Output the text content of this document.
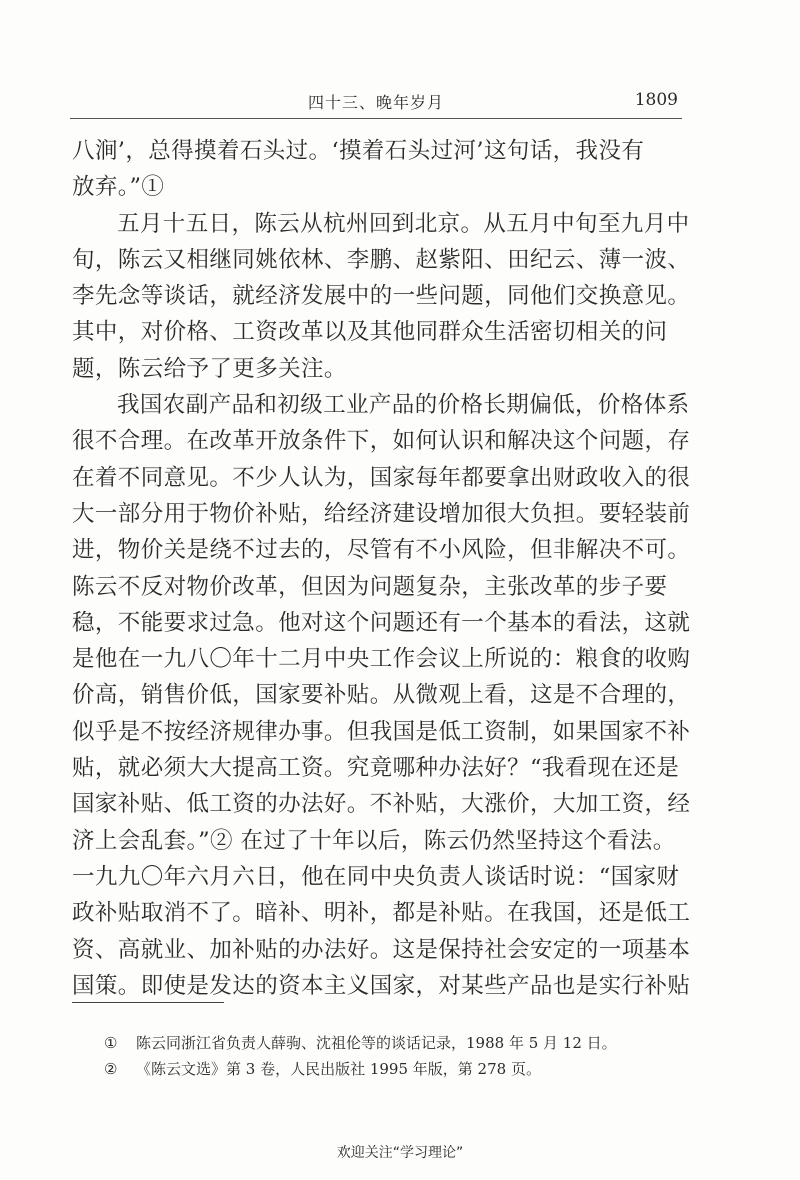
四十三、晚年岁月	1809
八涧’，总得摸着石头过。‘摸着石头过河’这句话，我没有
放弃。”①
五月十五日，陈云从杭州回到北京。从五月中旬至九月中
旬，陈云又相继同姚依林、李鹏、赵紫阳、田纪云、薄一波、
李先念等谈话，就经济发展中的一些问题，同他们交换意见。
其中，对价格、工资改革以及其他同群众生活密切相关的问
题，陈云给予了更多关注。
我国农副产品和初级工业产品的价格长期偏低，价格体系
很不合理。在改革开放条件下，如何认识和解决这个问题，存
在着不同意见。不少人认为，国家每年都要拿出财政收入的很
大一部分用于物价补贴，给经济建设增加很大负担。要轻装前
进，物价关是绕不过去的，尽管有不小风险，但非解决不可。
陈云不反对物价改革，但因为问题复杂，主张改革的步子要
稳，不能要求过急。他对这个问题还有一个基本的看法，这就
是他在一九八〇年十二月中央工作会议上所说的：粮食的收购
价高，销售价低，国家要补贴。从微观上看，这是不合理的，
似乎是不按经济规律办事。但我国是低工资制，如果国家不补
贴，就必须大大提高工资。究竟哪种办法好？“我看现在还是
国家补贴、低工资的办法好。不补贴，大涨价，大加工资，经
济上会乱套。”② 在过了十年以后，陈云仍然坚持这个看法。
一九九〇年六月六日，他在同中央负责人谈话时说：“国家财
政补贴取消不了。暗补、明补，都是补贴。在我国，还是低工
资、高就业、加补贴的办法好。这是保持社会安定的一项基本
国策。即使是发达的资本主义国家，对某些产品也是实行补贴
① 陈云同浙江省负责人薛驹、沈祖伦等的谈话记录，1988 年 5 月 12 日。
② 《陈云文选》第 3 卷，人民出版社 1995 年版，第 278 页。
欢迎关注“学习理论”
